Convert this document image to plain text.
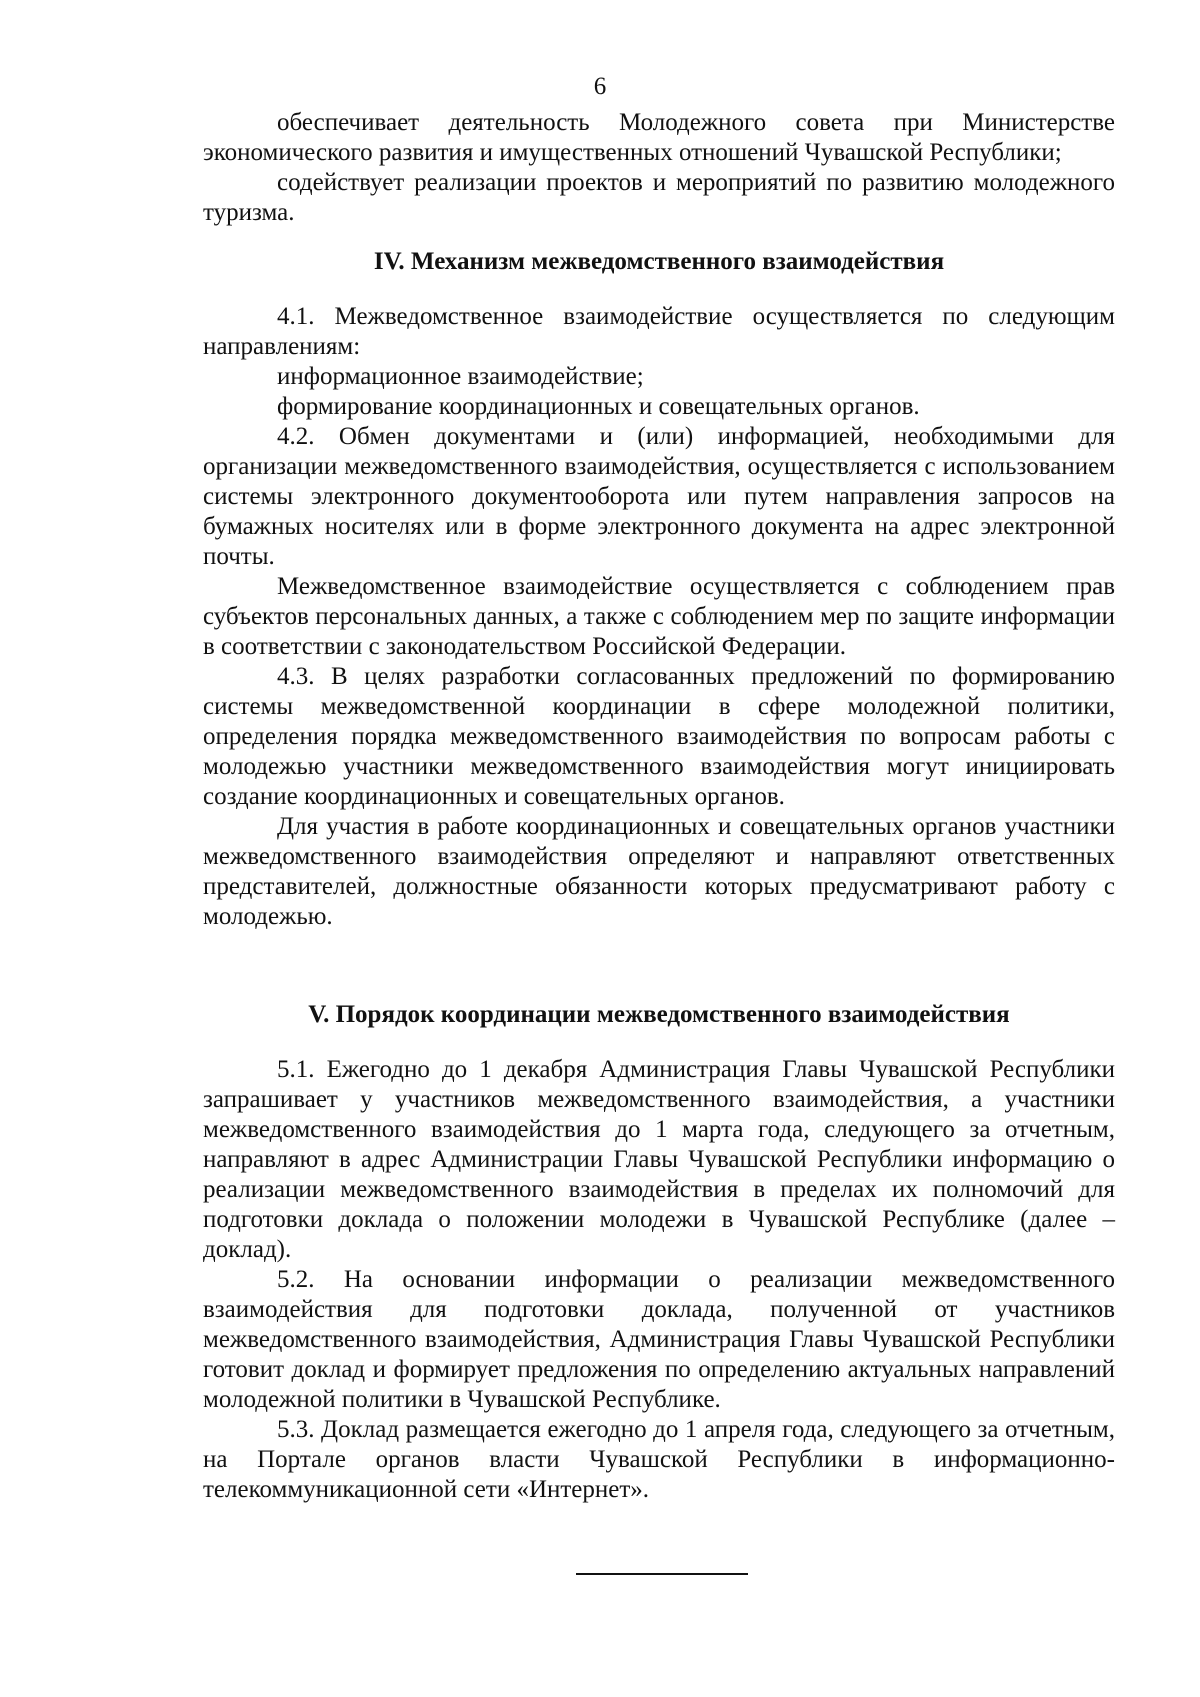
6

обеспечивает деятельность Молодежного совета при Министерстве экономического развития и имущественных отношений Чувашской Республики;

содействует реализации проектов и мероприятий по развитию молодежного туризма.

IV. Механизм межведомственного взаимодействия

4.1. Межведомственное взаимодействие осуществляется по следующим направлениям:

информационное взаимодействие;

формирование координационных и совещательных органов.

4.2. Обмен документами и (или) информацией, необходимыми для организации межведомственного взаимодействия, осуществляется с использованием системы электронного документооборота или путем направления запросов на бумажных носителях или в форме электронного документа на адрес электронной почты.

Межведомственное взаимодействие осуществляется с соблюдением прав субъектов персональных данных, а также с соблюдением мер по защите информации в соответствии с законодательством Российской Федерации.

4.3. В целях разработки согласованных предложений по формированию системы межведомственной координации в сфере молодежной политики, определения порядка межведомственного взаимодействия по вопросам работы с молодежью участники межведомственного взаимодействия могут инициировать создание координационных и совещательных органов.

Для участия в работе координационных и совещательных органов участники межведомственного взаимодействия определяют и направляют ответственных представителей, должностные обязанности которых предусматривают работу с молодежью.

V. Порядок координации межведомственного взаимодействия

5.1. Ежегодно до 1 декабря Администрация Главы Чувашской Республики запрашивает у участников межведомственного взаимодействия, а участники межведомственного взаимодействия до 1 марта года, следующего за отчетным, направляют в адрес Администрации Главы Чувашской Республики информацию о реализации межведомственного взаимодействия в пределах их полномочий для подготовки доклада о положении молодежи в Чувашской Республике (далее – доклад).

5.2. На основании информации о реализации межведомственного взаимодействия для подготовки доклада, полученной от участников межведомственного взаимодействия, Администрация Главы Чувашской Республики готовит доклад и формирует предложения по определению актуальных направлений молодежной политики в Чувашской Республике.

5.3. Доклад размещается ежегодно до 1 апреля года, следующего за отчетным, на Портале органов власти Чувашской Республики в информационно-телекоммуникационной сети «Интернет».
